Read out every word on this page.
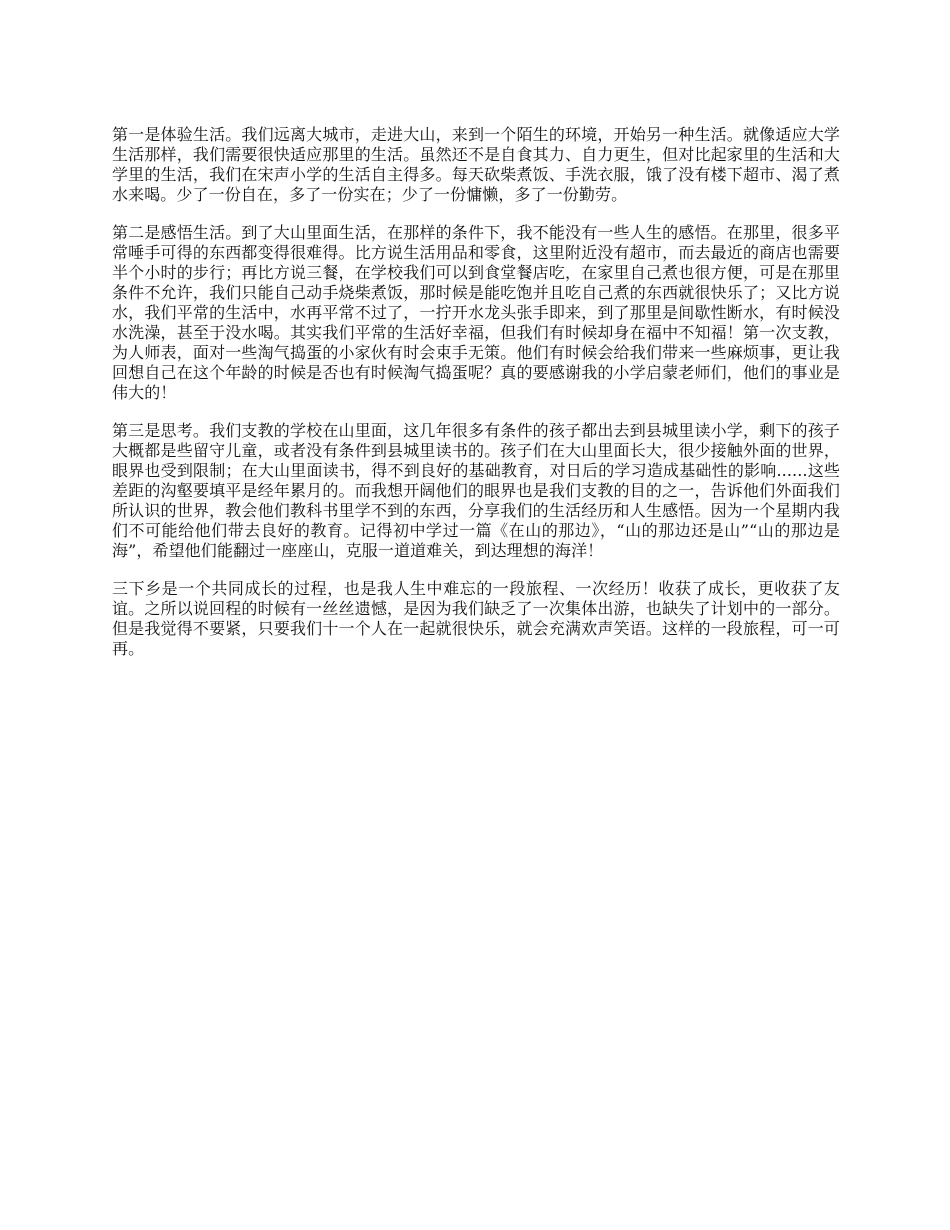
第一是体验生活。我们远离大城市，走进大山，来到一个陌生的环境，开始另一种生活。就像适应大学生活那样，我们需要很快适应那里的生活。虽然还不是自食其力、自力更生，但对比起家里的生活和大学里的生活，我们在宋声小学的生活自主得多。每天砍柴煮饭、手洗衣服，饿了没有楼下超市、渴了煮水来喝。少了一份自在，多了一份实在；少了一份慵懒，多了一份勤劳。

第二是感悟生活。到了大山里面生活，在那样的条件下，我不能没有一些人生的感悟。在那里，很多平常唾手可得的东西都变得很难得。比方说生活用品和零食，这里附近没有超市，而去最近的商店也需要半个小时的步行；再比方说三餐，在学校我们可以到食堂餐店吃，在家里自己煮也很方便，可是在那里条件不允许，我们只能自己动手烧柴煮饭，那时候是能吃饱并且吃自己煮的东西就很快乐了；又比方说水，我们平常的生活中，水再平常不过了，一拧开水龙头张手即来，到了那里是间歇性断水，有时候没水洗澡，甚至于没水喝。其实我们平常的生活好幸福，但我们有时候却身在福中不知福！第一次支教，为人师表，面对一些淘气捣蛋的小家伙有时会束手无策。他们有时候会给我们带来一些麻烦事，更让我回想自己在这个年龄的时候是否也有时候淘气捣蛋呢？真的要感谢我的小学启蒙老师们，他们的事业是伟大的！

第三是思考。我们支教的学校在山里面，这几年很多有条件的孩子都出去到县城里读小学，剩下的孩子大概都是些留守儿童，或者没有条件到县城里读书的。孩子们在大山里面长大，很少接触外面的世界，眼界也受到限制；在大山里面读书，得不到良好的基础教育，对日后的学习造成基础性的影响......这些差距的沟壑要填平是经年累月的。而我想开阔他们的眼界也是我们支教的目的之一，告诉他们外面我们所认识的世界，教会他们教科书里学不到的东西，分享我们的生活经历和人生感悟。因为一个星期内我们不可能给他们带去良好的教育。记得初中学过一篇《在山的那边》，“山的那边还是山”“山的那边是海”，希望他们能翻过一座座山，克服一道道难关，到达理想的海洋！

三下乡是一个共同成长的过程，也是我人生中难忘的一段旅程、一次经历！收获了成长，更收获了友谊。之所以说回程的时候有一丝丝遗憾，是因为我们缺乏了一次集体出游，也缺失了计划中的一部分。但是我觉得不要紧，只要我们十一个人在一起就很快乐，就会充满欢声笑语。这样的一段旅程，可一可再。
